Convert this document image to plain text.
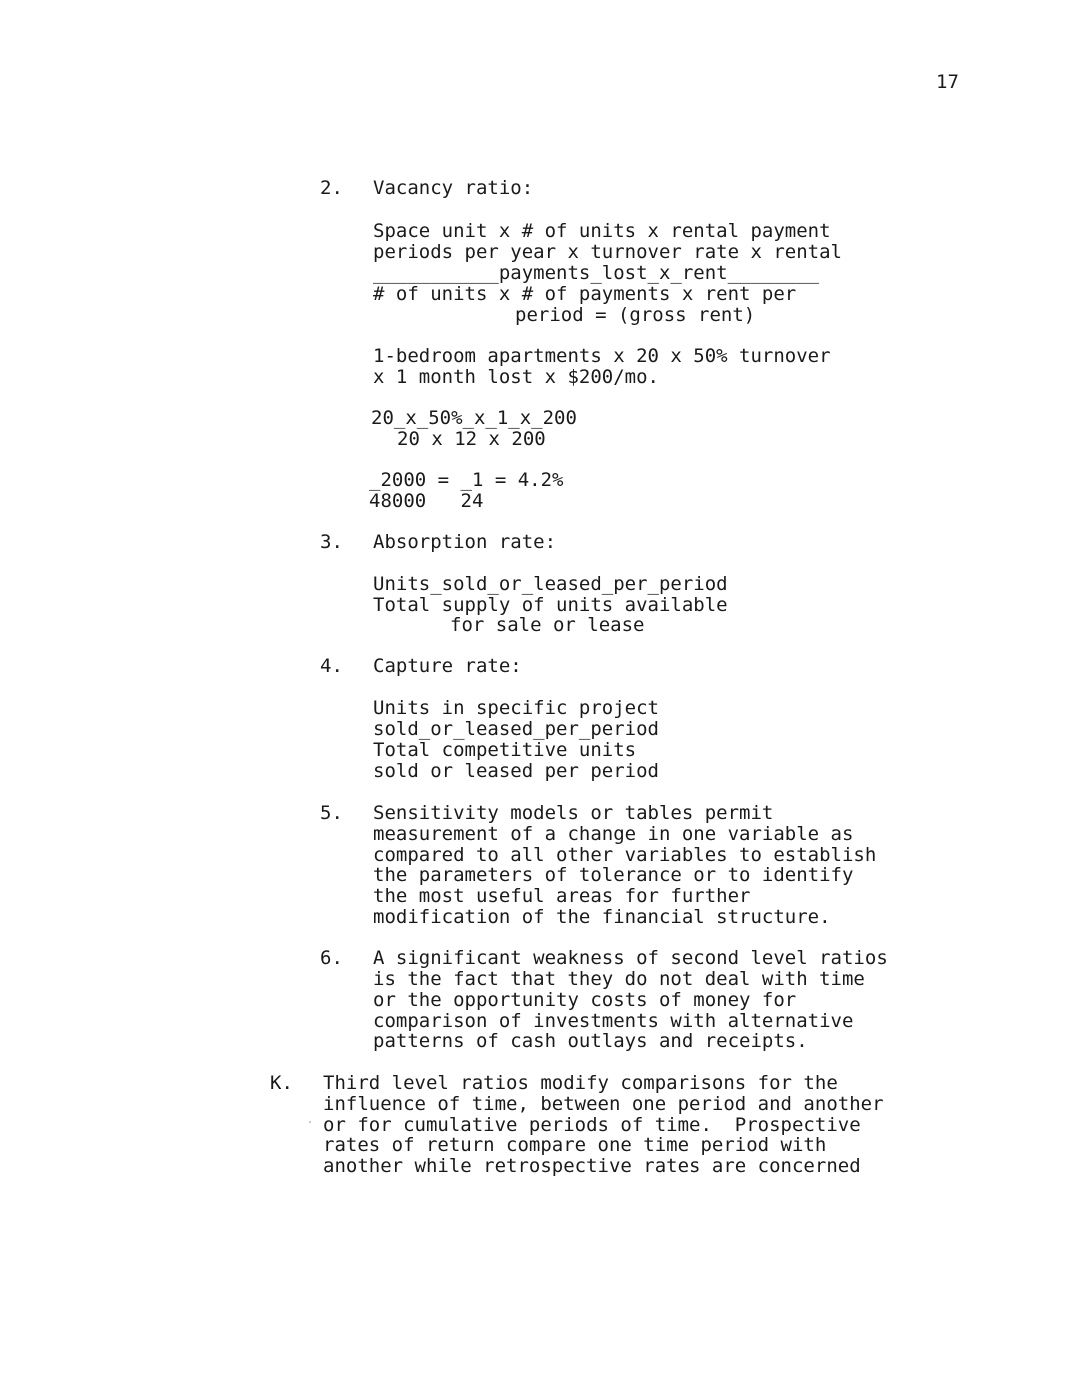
17
2. Vacancy ratio:
Space unit x # of units x rental payment
periods per year x turnover rate x rental
___________payments_lost_x_rent________
# of units x # of payments x rent per
period = (gross rent)
1-bedroom apartments x 20 x 50% turnover
x 1 month lost x $200/mo.
20_x_50%_x_1_x_200
20 x 12 x 200
_2000 = _1 = 4.2%
48000   24
3. Absorption rate:
Units_sold_or_leased_per_period
Total supply of units available
for sale or lease
4. Capture rate:
Units in specific project
sold_or_leased_per_period
Total competitive units
sold or leased per period
5. Sensitivity models or tables permit
measurement of a change in one variable as
compared to all other variables to establish
the parameters of tolerance or to identify
the most useful areas for further
modification of the financial structure.
6. A significant weakness of second level ratios
is the fact that they do not deal with time
or the opportunity costs of money for
comparison of investments with alternative
patterns of cash outlays and receipts.
K. Third level ratios modify comparisons for the
influence of time, between one period and another
or for cumulative periods of time.  Prospective
rates of return compare one time period with
another while retrospective rates are concerned
